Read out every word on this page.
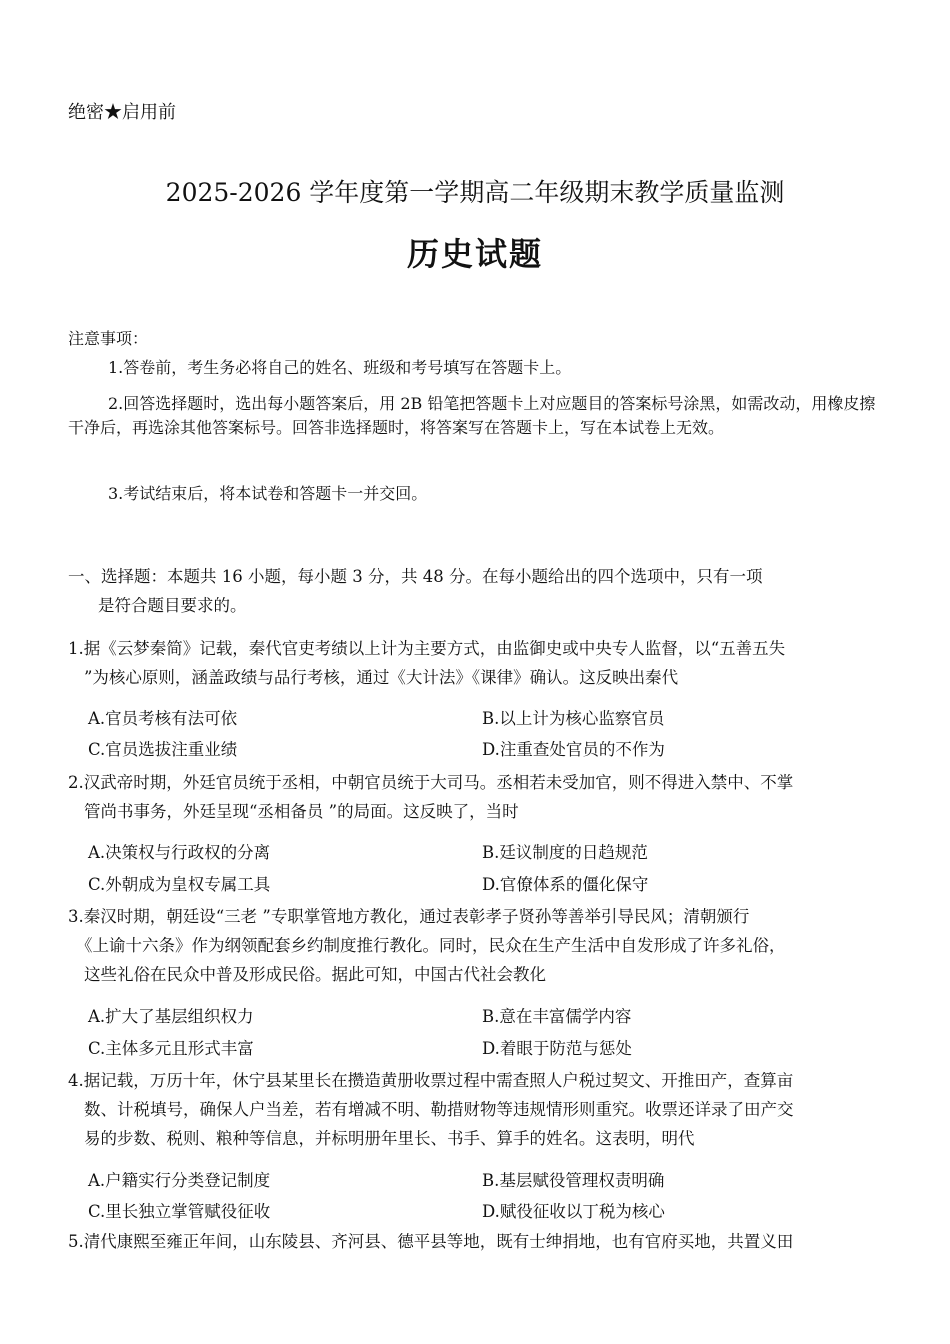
绝密★启用前
2025-2026 学年度第一学期高二年级期末教学质量监测
历史试题
注意事项：
1.答卷前，考生务必将自己的姓名、班级和考号填写在答题卡上。
2.回答选择题时，选出每小题答案后，用 2B 铅笔把答题卡上对应题目的答案标号涂黑，如需改动，用橡皮擦干净后，再选涂其他答案标号。回答非选择题时，将答案写在答题卡上，写在本试卷上无效。
3.考试结束后，将本试卷和答题卡一并交回。
一、选择题：本题共 16 小题，每小题 3 分，共 48 分。在每小题给出的四个选项中，只有一项
是符合题目要求的。
1.据《云梦秦简》记载，秦代官吏考绩以上计为主要方式，由监御史或中央专人监督，以“五善五失
”为核心原则，涵盖政绩与品行考核，通过《大计法》《课律》确认。这反映出秦代
A.官员考核有法可依	B.以上计为核心监察官员
C.官员选拔注重业绩	D.注重查处官员的不作为
2.汉武帝时期，外廷官员统于丞相，中朝官员统于大司马。丞相若未受加官，则不得进入禁中、不掌
管尚书事务，外廷呈现“丞相备员 ”的局面。这反映了，当时
A.决策权与行政权的分离	B.廷议制度的日趋规范
C.外朝成为皇权专属工具	D.官僚体系的僵化保守
3.秦汉时期，朝廷设“三老 ”专职掌管地方教化，通过表彰孝子贤孙等善举引导民风；清朝颁行
《上谕十六条》作为纲领配套乡约制度推行教化。同时，民众在生产生活中自发形成了许多礼俗，
这些礼俗在民众中普及形成民俗。据此可知，中国古代社会教化
A.扩大了基层组织权力	B.意在丰富儒学内容
C.主体多元且形式丰富	D.着眼于防范与惩处
4.据记载，万历十年，休宁县某里长在攒造黄册收票过程中需查照人户税过契文、开推田产，查算亩
数、计税填号，确保人户当差，若有增减不明、勒措财物等违规情形则重究。收票还详录了田产交
易的步数、税则、粮种等信息，并标明册年里长、书手、算手的姓名。这表明，明代
A.户籍实行分类登记制度	B.基层赋役管理权责明确
C.里长独立掌管赋役征收	D.赋役征收以丁税为核心
5.清代康熙至雍正年间，山东陵县、齐河县、德平县等地，既有士绅捐地，也有官府买地，共置义田
